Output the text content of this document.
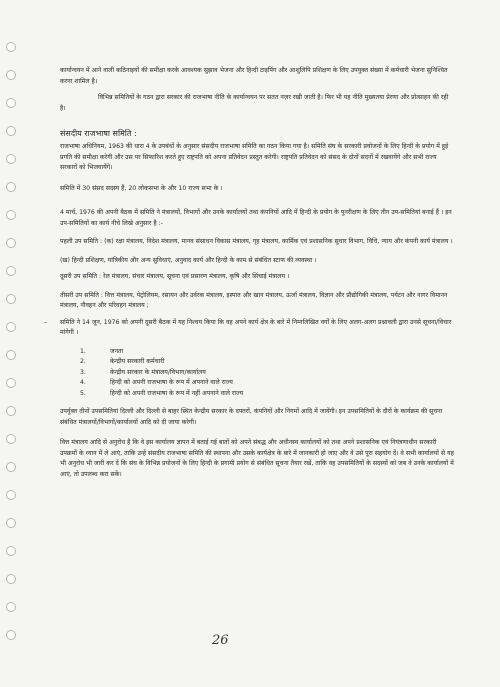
कार्यान्वयन में आने वाली कठिनाइयों की समीक्षा करके आवश्यक सुझाव भेजना और हिन्दी टाइपिंग और आशुलिपि प्रशिक्षण के लिए उपयुक्त संख्या में कर्मचारी भेजना सुनिश्चित करना शामिल है।

विभिन्न समितियों के गठन द्वारा सरकार की राजभाषा नीति के कार्यान्वयन पर सतत नज़र रखी जाती है। फिर भी यह नीति मुख्यतया प्रेरणा और प्रोत्साहन की रही है।

संसदीय राजभाषा समिति :

राजभाषा अधिनियम, 1963 की धारा 4 के उपबंधों के अनुसार संसदीय राजभाषा समिति का गठन किया गया है। समिति संघ के सरकारी प्रयोजनों के लिए हिन्दी के प्रयोग में हुई प्रगति की समीक्षा करेगी और उस पर सिफारिश करते हुए राष्ट्रपति को अपना प्रतिवेदन प्रस्तुत करेगी। राष्ट्रपति प्रतिवेदन को संसद के दोनों सदनों में रखवायेंगे और सभी राज्य सरकारों को भिजवायेंगे।

समिति में 30 संसद सदस्य हैं, 20 लोकसभा के और 10 राज्य सभा के ।

4 मार्च, 1976 की अपनी बैठक में समिति ने मंत्रालयों, विभागों और उनके कार्यालयों तथा कंपनियों आदि में हिन्दी के प्रयोग के पुनरीक्षण के लिए तीन उप-समितियां बनाई हैं । इन उप-समितियों का कार्य नीचे लिखे अनुसार है :-

पहली उप समिति : (क) रक्षा मंत्रालय, विदेश मंत्रालय, मानव संसाधन विकास मंत्रालय, गृह मंत्रालय, कार्मिक एवं प्रशासनिक सुधार विभाग, विधि, न्याय और कंपनी कार्य मंत्रालय ।

(ख) हिन्दी प्रशिक्षण, यांत्रिकीय और अन्य सुविधाएं, अनुवाद कार्य और हिन्दी के काम से संबंधित स्टाफ की व्यवस्था ।

दूसरी उप समिति : रेल मंत्रालय, संचार मंत्रालय, सूचना एवं प्रसारण मंत्रालय, कृषि और सिंचाई मंत्रालय ।

तीसरी उप समिति : वित्त मंत्रालय, पेट्रोलियम, रसायन और उर्वरक मंत्रालय, इस्पात और खान मंत्रालय, ऊर्जा मंत्रालय, विज्ञान और प्रौद्योगिकी मंत्रालय, पर्यटन और नागर विमानन मंत्रालय, नौवहन और परिवहन मंत्रालय ;

– समिति ने 14 जून, 1976 को अपनी दूसरी बैठक में यह निश्चय किया कि वह अपने कार्य क्षेत्र के बारे में निम्नलिखित वर्गों के लिए अलग-अलग प्रश्नावली द्वारा उनसे सूचना/विचार मांगेगी ।

1.	जनता
2.	केन्द्रीय सरकारी कर्मचारी
3.	केन्द्रीय सरकार के मंत्रालय/विभाग/कार्यालय
4.	हिन्दी को अपनी राजभाषा के रूप में अपनाने वाले राज्य
5.	हिन्दी को अपनी राजभाषा के रूप में नहीं अपनाने वाले राज्य

उपर्युक्त तीनों उपसमितियां दिल्ली और दिल्ली से बाहर स्थित केन्द्रीय सरकार के दफ्तरों, कंपनियों और निगमों आदि में जायेंगी। इन उपसमितियों के दौरों के कार्यक्रम की सूचना संबंधित मंत्रालयों/विभागों/कार्यालयों आदि को दी जाया करेगी।

वित्त मंत्रालय आदि से अनुरोध है कि वे इस कार्यालय ज्ञापन में बताई गई बातों को अपने संबद्ध और अधीनस्थ कार्यालयों को तथा अपने प्रशासनिक एवं नियंत्रणाधीन सरकारी उपक्रमों के ध्यान में ले आएं, ताकि उन्हें संसदीय राजभाषा समिति की स्थापना और उसके कार्यक्षेत्र के बारे में जानकारी हो जाए और वे उसे पूरा सहयोग दें। वे सभी कार्यालयों से यह भी अनुरोध भी जारी कर दें कि संघ के विभिन्न प्रयोजनों के लिए हिन्दी के प्रगामी प्रयोग से संबंधित सूचना तैयार रखें, ताकि वह उपसमितियों के सदस्यों को जब वे उनके कार्यालयों में आएं, तो उपलब्ध करा सकें।

26
